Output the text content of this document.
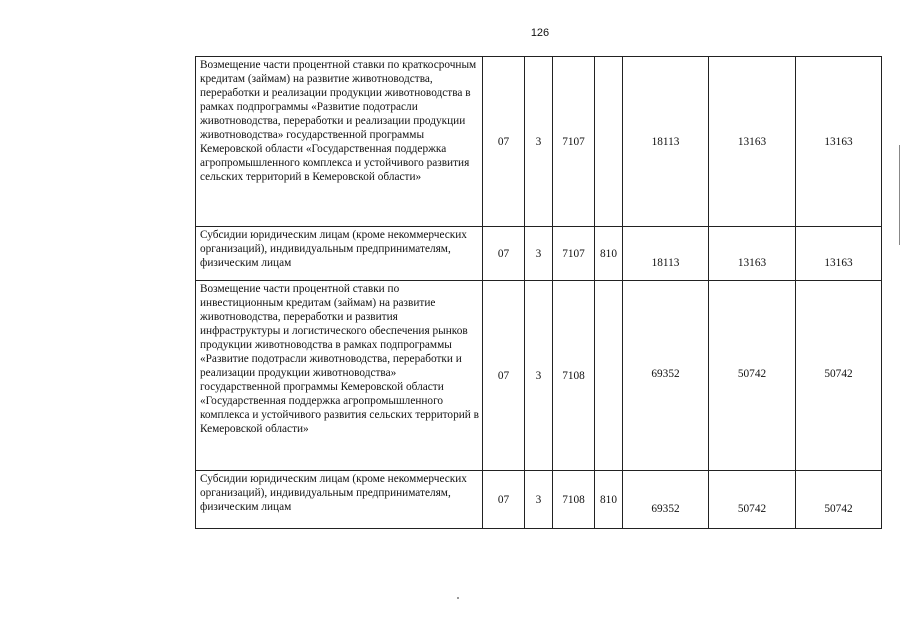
126
Возмещение части процентной ставки по краткосрочным кредитам (займам) на развитие животноводства, переработки и реализации продукции животноводства в рамках подпрограммы «Развитие подотрасли животноводства, переработки и реализации продукции животноводства» государственной программы Кемеровской области «Государственная поддержка агропромышленного комплекса и устойчивого развития сельских территорий в Кемеровской области»	07	3	7107		18113	13163	13163
Субсидии юридическим лицам (кроме некоммерческих организаций), индивидуальным предпринимателям, физическим лицам	07	3	7107	810	18113	13163	13163
Возмещение части процентной ставки по инвестиционным кредитам (займам) на развитие животноводства, переработки и развития инфраструктуры и логистического обеспечения рынков продукции животноводства в рамках подпрограммы «Развитие подотрасли животноводства, переработки и реализации продукции животноводства» государственной программы Кемеровской области «Государственная поддержка агропромышленного комплекса и устойчивого развития сельских территорий в Кемеровской области»	07	3	7108		69352	50742	50742
Субсидии юридическим лицам (кроме некоммерческих организаций), индивидуальным предпринимателям, физическим лицам	07	3	7108	810	69352	50742	50742
